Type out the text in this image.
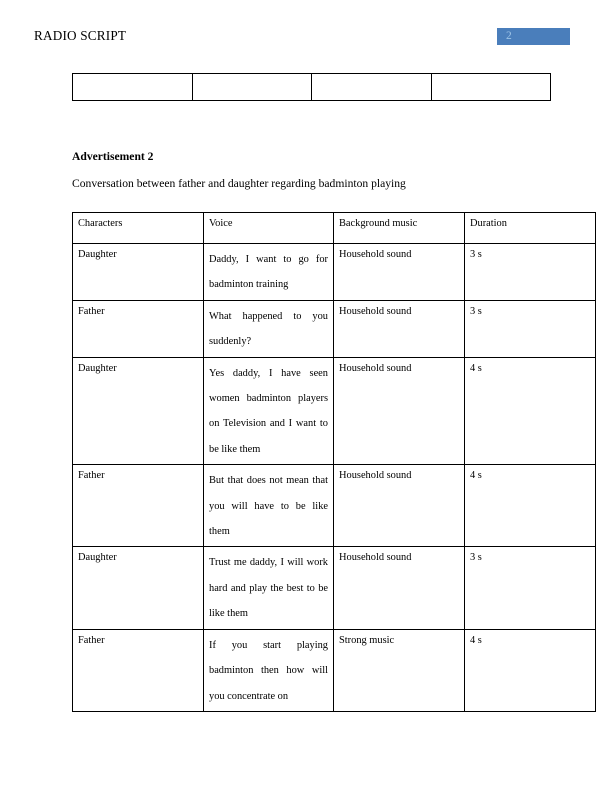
RADIO SCRIPT	2

Advertisement 2
Conversation between father and daughter regarding badminton playing
Characters	Voice	Background music	Duration
Daughter	Daddy, I want to go for badminton training	Household sound	3 s
Father	What happened to you suddenly?	Household sound	3 s
Daughter	Yes daddy, I have seen women badminton players on Television and I want to be like them	Household sound	4 s
Father	But that does not mean that you will have to be like them	Household sound	4 s
Daughter	Trust me daddy, I will work hard and play the best to be like them	Household sound	3 s
Father	If you start playing badminton then how will you concentrate on	Strong music	4 s
